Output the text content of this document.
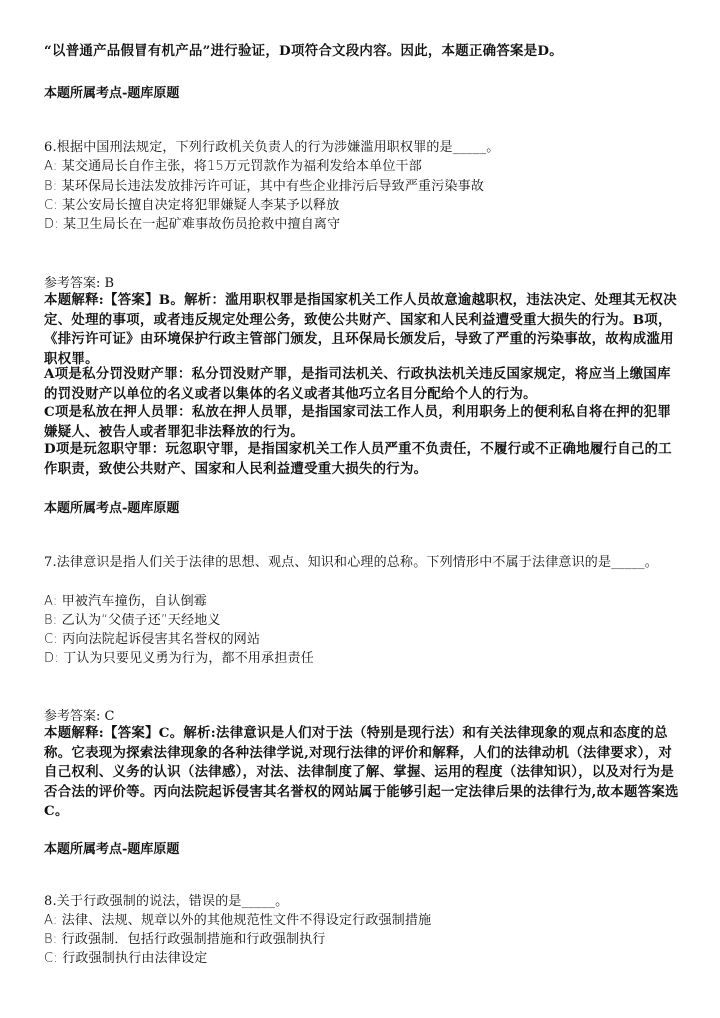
“以普通产品假冒有机产品”进行验证，D项符合文段内容。因此，本题正确答案是D。

本题所属考点-题库原题

6.根据中国刑法规定，下列行政机关负责人的行为涉嫌滥用职权罪的是_____。

A: 某交通局长自作主张，将15万元罚款作为福利发给本单位干部

B: 某环保局长违法发放排污许可证，其中有些企业排污后导致严重污染事故

C: 某公安局长擅自决定将犯罪嫌疑人李某予以释放

D: 某卫生局长在一起矿难事故伤员抢救中擅自离守

参考答案: B

本题解释:【答案】B。解析：滥用职权罪是指国家机关工作人员故意逾越职权，违法决定、处理其无权决定、处理的事项，或者违反规定处理公务，致使公共财产、国家和人民利益遭受重大损失的行为。B项，《排污许可证》由环境保护行政主管部门颁发，且环保局长颁发后，导致了严重的污染事故，故构成滥用职权罪。

A项是私分罚没财产罪：私分罚没财产罪，是指司法机关、行政执法机关违反国家规定，将应当上缴国库的罚没财产以单位的名义或者以集体的名义或者其他巧立名目分配给个人的行为。

C项是私放在押人员罪：私放在押人员罪，是指国家司法工作人员，利用职务上的便利私自将在押的犯罪嫌疑人、被告人或者罪犯非法释放的行为。

D项是玩忽职守罪：玩忽职守罪，是指国家机关工作人员严重不负责任，不履行或不正确地履行自己的工作职责，致使公共财产、国家和人民利益遭受重大损失的行为。

本题所属考点-题库原题

7.法律意识是指人们关于法律的思想、观点、知识和心理的总称。下列情形中不属于法律意识的是_____。

A: 甲被汽车撞伤，自认倒霉

B: 乙认为“父债子还”天经地义

C: 丙向法院起诉侵害其名誉权的网站

D: 丁认为只要见义勇为行为，都不用承担责任

参考答案: C

本题解释:【答案】C。解析:法律意识是人们对于法（特别是现行法）和有关法律现象的观点和态度的总称。它表现为探索法律现象的各种法律学说,对现行法律的评价和解释，人们的法律动机（法律要求），对自己权利、义务的认识（法律感），对法、法律制度了解、掌握、运用的程度（法律知识），以及对行为是否合法的评价等。丙向法院起诉侵害其名誉权的网站属于能够引起一定法律后果的法律行为,故本题答案选C。

本题所属考点-题库原题

8.关于行政强制的说法，错误的是_____。

A: 法律、法规、规章以外的其他规范性文件不得设定行政强制措施

B: 行政强制．包括行政强制措施和行政强制执行

C: 行政强制执行由法律设定
